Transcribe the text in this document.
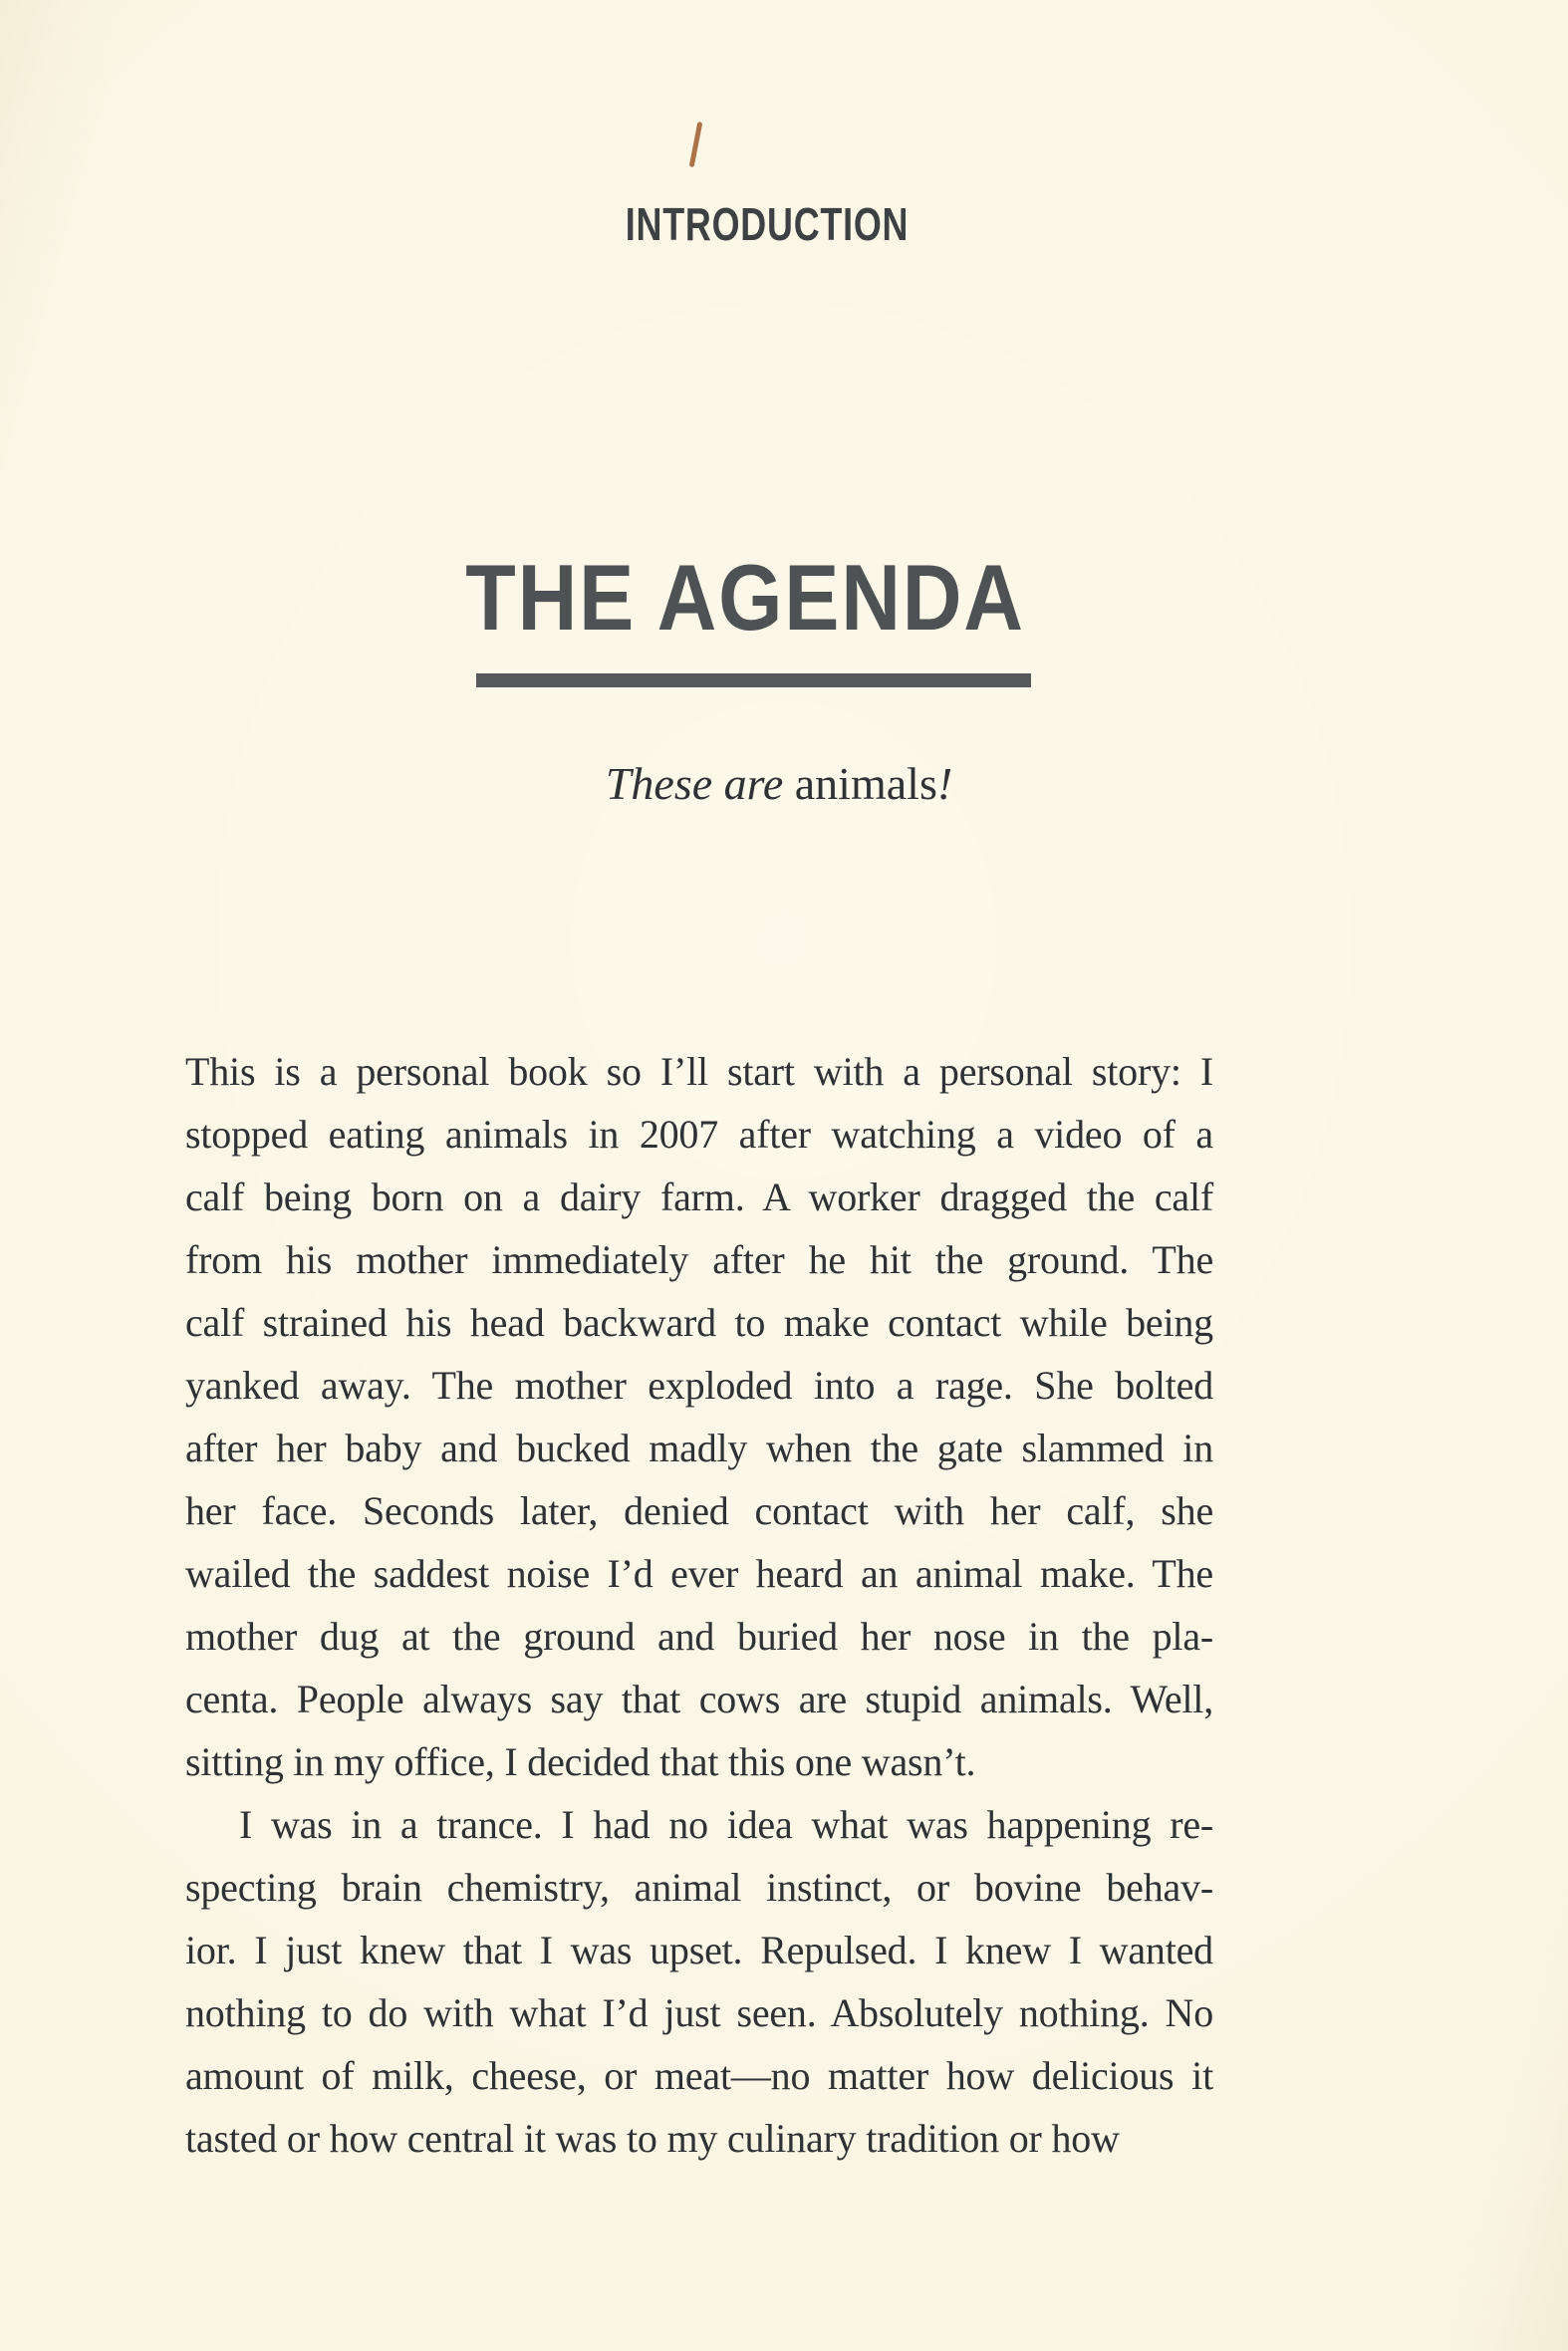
INTRODUCTION
THE AGENDA
These are animals!
This is a personal book so I’ll start with a personal story: I
stopped eating animals in 2007 after watching a video of a
calf being born on a dairy farm. A worker dragged the calf
from his mother immediately after he hit the ground. The
calf strained his head backward to make contact while being
yanked away. The mother exploded into a rage. She bolted
after her baby and bucked madly when the gate slammed in
her face. Seconds later, denied contact with her calf, she
wailed the saddest noise I’d ever heard an animal make. The
mother dug at the ground and buried her nose in the pla-
centa. People always say that cows are stupid animals. Well,
sitting in my office, I decided that this one wasn’t.
I was in a trance. I had no idea what was happening re-
specting brain chemistry, animal instinct, or bovine behav-
ior. I just knew that I was upset. Repulsed. I knew I wanted
nothing to do with what I’d just seen. Absolutely nothing. No
amount of milk, cheese, or meat—no matter how delicious it
tasted or how central it was to my culinary tradition or how
